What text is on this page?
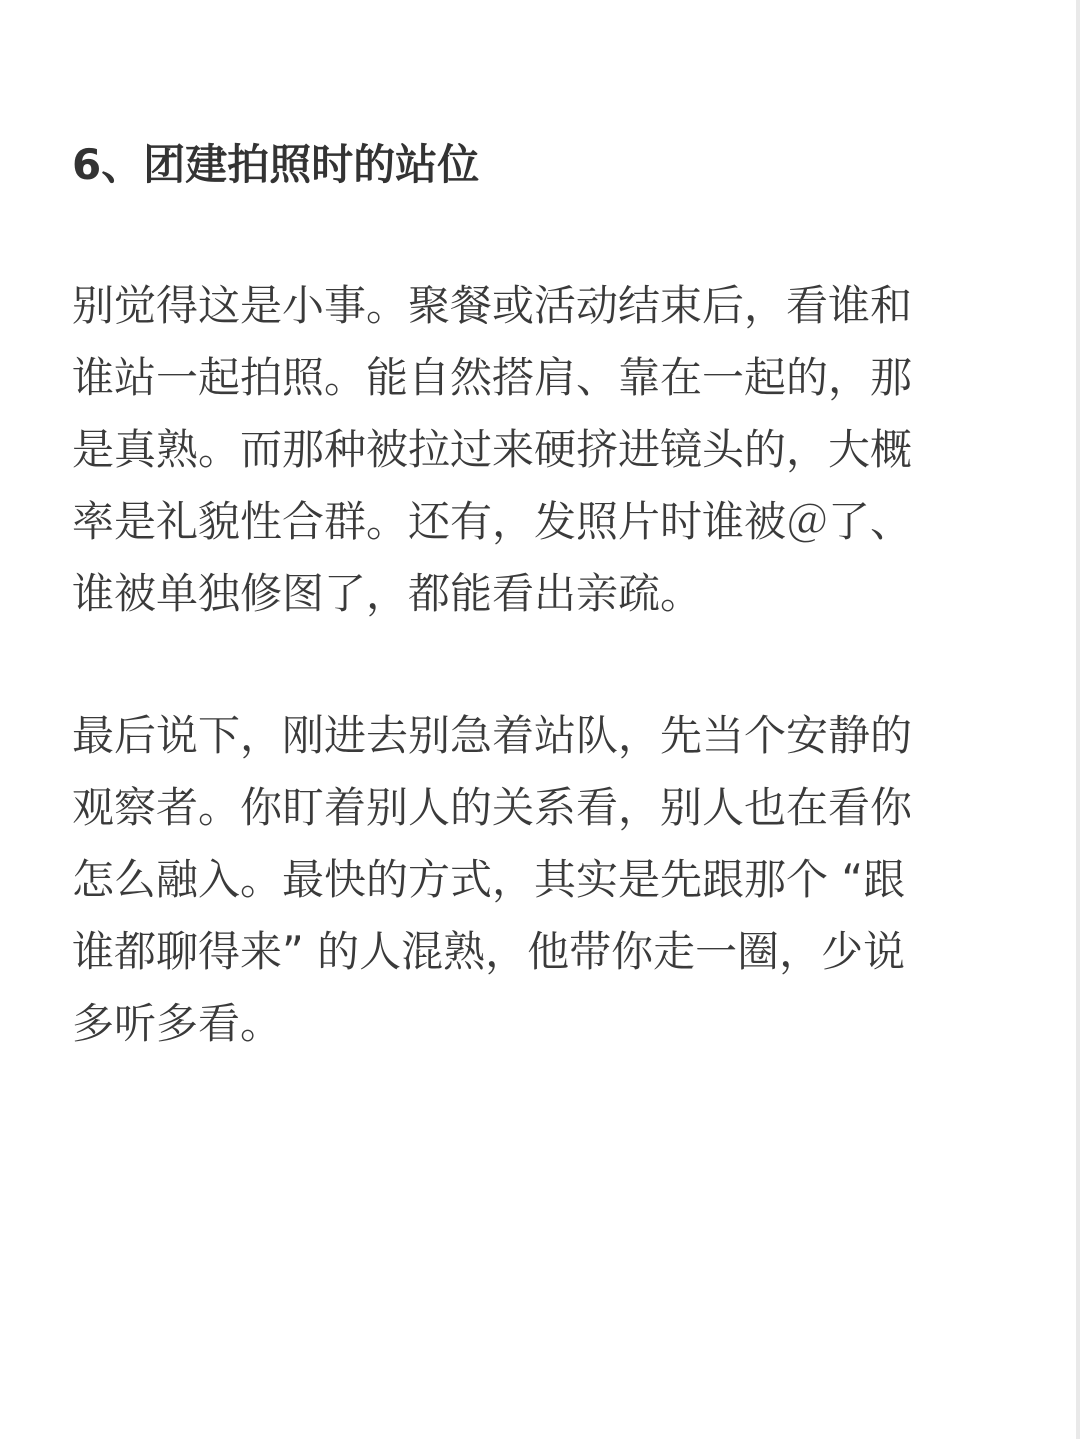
6、团建拍照时的站位
别觉得这是小事。聚餐或活动结束后，看谁和
谁站一起拍照。能自然搭肩、靠在一起的，那
是真熟。而那种被拉过来硬挤进镜头的，大概
率是礼貌性合群。还有，发照片时谁被＠了、
谁被单独修图了，都能看出亲疏。
最后说下，刚进去别急着站队，先当个安静的
观察者。你盯着别人的关系看，别人也在看你
怎么融入。最快的方式，其实是先跟那个 “跟
谁都聊得来” 的人混熟，他带你走一圈，少说
多听多看。
